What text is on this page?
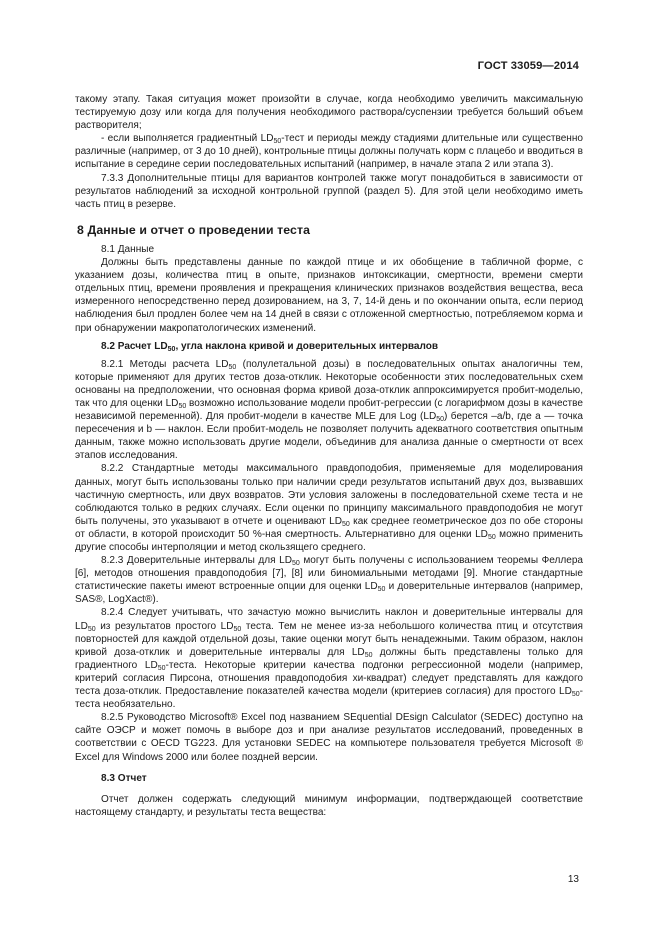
ГОСТ 33059—2014

такому этапу. Такая ситуация может произойти в случае, когда необходимо увеличить максимальную тестируемую дозу или когда для получения необходимого раствора/суспензии требуется больший объем растворителя;

- если выполняется градиентный $LD_{50}$-тест и периоды между стадиями длительные или существенно различные (например, от 3 до 10 дней), контрольные птицы должны получать корм с плацебо и вводиться в испытание в середине серии последовательных испытаний (например, в начале этапа 2 или этапа 3).

7.3.3 Дополнительные птицы для вариантов контролей также могут понадобиться в зависимости от результатов наблюдений за исходной контрольной группой (раздел 5). Для этой цели необходимо иметь часть птиц в резерве.

8 Данные и отчет о проведении теста

8.1 Данные

Должны быть представлены данные по каждой птице и их обобщение в табличной форме, с указанием дозы, количества птиц в опыте, признаков интоксикации, смертности, времени смерти отдельных птиц, времени проявления и прекращения клинических признаков воздействия вещества, веса измеренного непосредственно перед дозированием, на 3, 7, 14-й день и по окончании опыта, если период наблюдения был продлен более чем на 14 дней в связи с отложенной смертностью, потребляемом корма и при обнаружении макропатологических изменений.

8.2 Расчет $LD_{50}$, угла наклона кривой и доверительных интервалов

8.2.1 Методы расчета $LD_{50}$ (полулетальной дозы) в последовательных опытах аналогичны тем, которые применяют для других тестов доза-отклик. Некоторые особенности этих последовательных схем основаны на предположении, что основная форма кривой доза-отклик аппроксимируется пробит-моделью, так что для оценки $LD_{50}$ возможно использование модели пробит-регрессии (с логарифмом дозы в качестве независимой переменной). Для пробит-модели в качестве MLE для Log $(LD_{50})$ берется –a/b, где a — точка пересечения и b — наклон. Если пробит-модель не позволяет получить адекватного соответствия опытным данным, также можно использовать другие модели, объединив для анализа данные о смертности от всех этапов исследования.

8.2.2 Стандартные методы максимального правдоподобия, применяемые для моделирования данных, могут быть использованы только при наличии среди результатов испытаний двух доз, вызвавших частичную смертность, или двух возвратов. Эти условия заложены в последовательной схеме теста и не соблюдаются только в редких случаях. Если оценки по принципу максимального правдоподобия не могут быть получены, это указывают в отчете и оценивают $LD_{50}$ как среднее геометрическое доз по обе стороны от области, в которой происходит 50 %-ная смертность. Альтернативно для оценки $LD_{50}$ можно применить другие способы интерполяции и метод скользящего среднего.

8.2.3 Доверительные интервалы для $LD_{50}$ могут быть получены с использованием теоремы Феллера [6], методов отношения правдоподобия [7], [8] или биномиальными методами [9]. Многие стандартные статистические пакеты имеют встроенные опции для оценки $LD_{50}$ и доверительные интервалов (например, SAS®, LogXact®).

8.2.4 Следует учитывать, что зачастую можно вычислить наклон и доверительные интервалы для $LD_{50}$ из результатов простого $LD_{50}$ теста. Тем не менее из-за небольшого количества птиц и отсутствия повторностей для каждой отдельной дозы, такие оценки могут быть ненадежными. Таким образом, наклон кривой доза-отклик и доверительные интервалы для $LD_{50}$ должны быть представлены только для градиентного $LD_{50}$-теста. Некоторые критерии качества подгонки регрессионной модели (например, критерий согласия Пирсона, отношения правдоподобия хи-квадрат) следует представлять для каждого теста доза-отклик. Предоставление показателей качества модели (критериев согласия) для простого $LD_{50}$-теста необязательно.

8.2.5 Руководство Microsoft® Excel под названием SEquential DEsign Calculator (SEDEC) доступно на сайте ОЭСР и может помочь в выборе доз и при анализе результатов исследований, проведенных в соответствии с OECD TG223. Для установки SEDEC на компьютере пользователя требуется Microsoft ® Excel для Windows 2000 или более поздней версии.

8.3 Отчет

Отчет должен содержать следующий минимум информации, подтверждающей соответствие настоящему стандарту, и результаты теста вещества:

13
